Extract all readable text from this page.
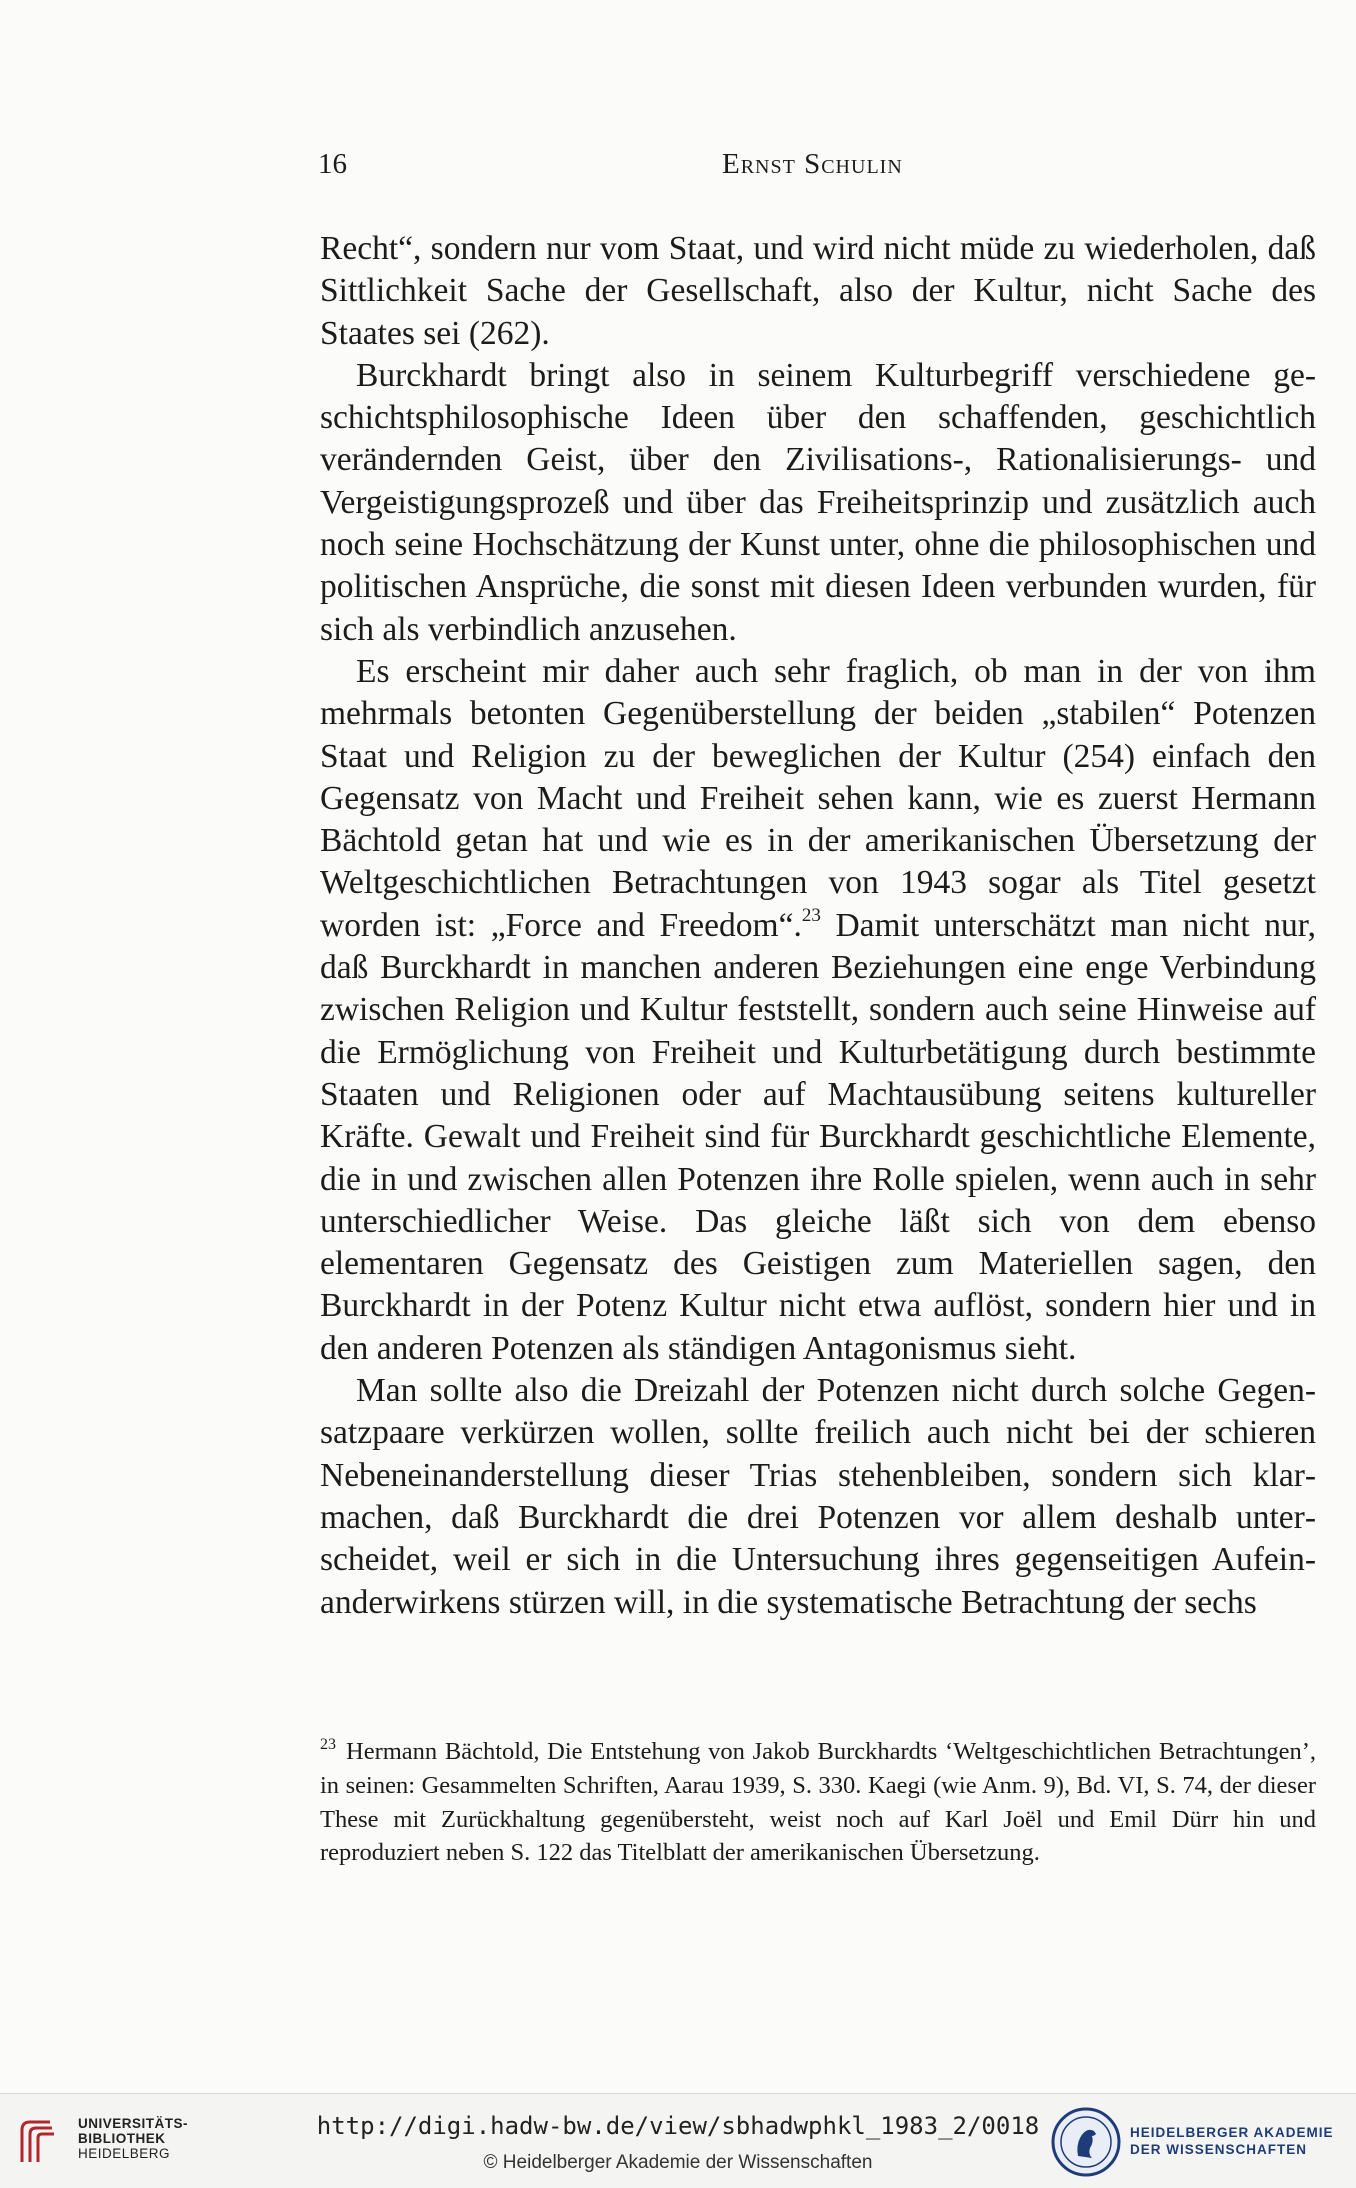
16	Ernst Schulin

Recht“, sondern nur vom Staat, und wird nicht müde zu wiederholen, daß Sittlichkeit Sache der Gesellschaft, also der Kultur, nicht Sache des Staates sei (262).

Burckhardt bringt also in seinem Kulturbegriff verschiedene geschichtsphilosophische Ideen über den schaffenden, geschichtlich verändernden Geist, über den Zivilisations-, Rationalisierungs- und Vergeistigungsprozeß und über das Freiheitsprinzip und zusätzlich auch noch seine Hochschätzung der Kunst unter, ohne die philosophischen und politischen Ansprüche, die sonst mit diesen Ideen verbunden wurden, für sich als verbindlich anzusehen.

Es erscheint mir daher auch sehr fraglich, ob man in der von ihm mehrmals betonten Gegenüberstellung der beiden „stabilen“ Potenzen Staat und Religion zu der beweglichen der Kultur (254) einfach den Gegensatz von Macht und Freiheit sehen kann, wie es zuerst Hermann Bächtold getan hat und wie es in der amerikanischen Übersetzung der Weltgeschichtlichen Betrachtungen von 1943 sogar als Titel gesetzt worden ist: „Force and Freedom“.$^{23}$ Damit unterschätzt man nicht nur, daß Burckhardt in manchen anderen Beziehungen eine enge Verbindung zwischen Religion und Kultur feststellt, sondern auch seine Hinweise auf die Ermöglichung von Freiheit und Kulturbetätigung durch bestimmte Staaten und Religionen oder auf Machtausübung seitens kultureller Kräfte. Gewalt und Freiheit sind für Burckhardt geschichtliche Elemente, die in und zwischen allen Potenzen ihre Rolle spielen, wenn auch in sehr unterschiedlicher Weise. Das gleiche läßt sich von dem ebenso elementaren Gegensatz des Geistigen zum Materiellen sagen, den Burckhardt in der Potenz Kultur nicht etwa auflöst, sondern hier und in den anderen Potenzen als ständigen Antagonismus sieht.

Man sollte also die Dreizahl der Potenzen nicht durch solche Gegensatzpaare verkürzen wollen, sollte freilich auch nicht bei der schieren Nebeneinanderstellung dieser Trias stehenbleiben, sondern sich klarmachen, daß Burckhardt die drei Potenzen vor allem deshalb unterscheidet, weil er sich in die Untersuchung ihres gegenseitigen Aufeinanderwirkens stürzen will, in die systematische Betrachtung der sechs

$^{23}$ Hermann Bächtold, Die Entstehung von Jakob Burckhardts ‘Weltgeschichtlichen Betrachtungen’, in seinen: Gesammelten Schriften, Aarau 1939, S. 330. Kaegi (wie Anm. 9), Bd. VI, S. 74, der dieser These mit Zurückhaltung gegenübersteht, weist noch auf Karl Joël und Emil Dürr hin und reproduziert neben S. 122 das Titelblatt der amerikanischen Übersetzung.

UNIVERSITÄTS-
BIBLIOTHEK
HEIDELBERG
http://digi.hadw-bw.de/view/sbhadwphkl_1983_2/0018
© Heidelberger Akademie der Wissenschaften
HEIDELBERGER AKADEMIE
DER WISSENSCHAFTEN
